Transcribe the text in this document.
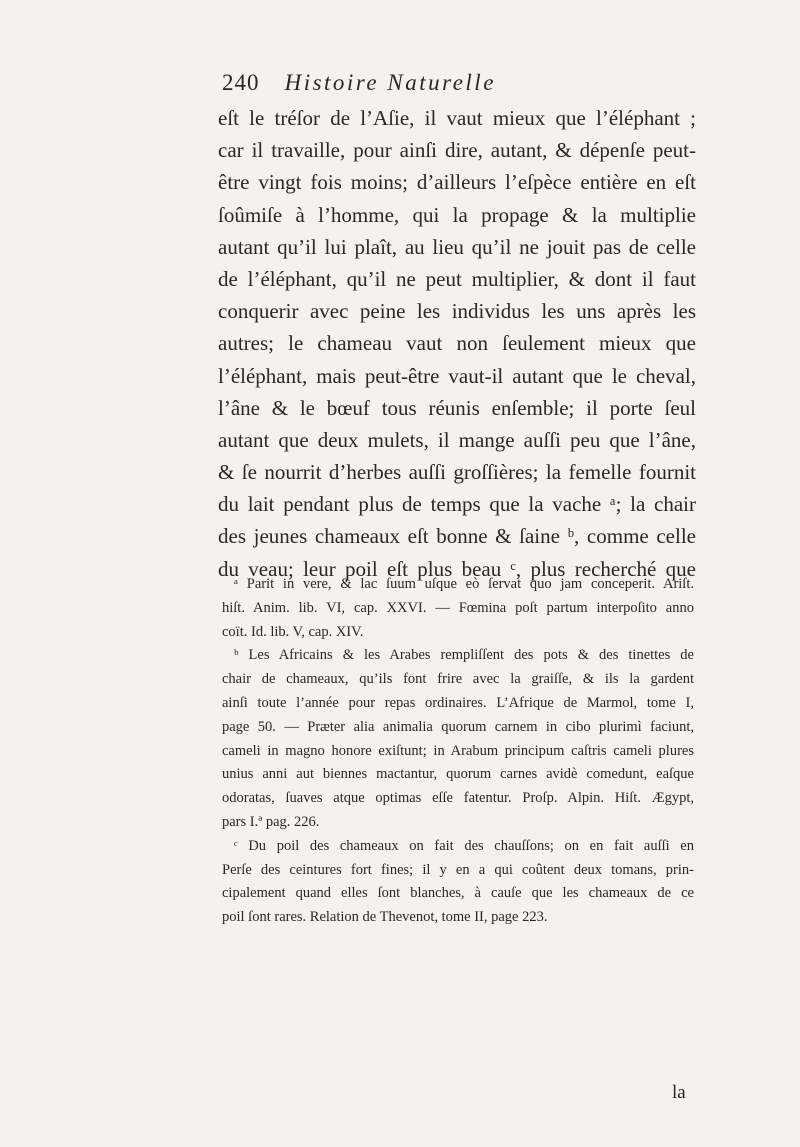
240 Histoire Naturelle
eſt le tréſor de l’Aſie, il vaut mieux que l’éléphant ;
car il travaille, pour ainſi dire, autant, & dépenſe peut-
être vingt fois moins; d’ailleurs l’eſpèce entière en eſt
ſoûmiſe à l’homme, qui la propage & la multiplie
autant qu’il lui plaît, au lieu qu’il ne jouit pas de celle
de l’éléphant, qu’il ne peut multiplier, & dont il faut
conquerir avec peine les individus les uns après les
autres; le chameau vaut non ſeulement mieux que
l’éléphant, mais peut-être vaut-il autant que le cheval,
l’âne & le bœuf tous réunis enſemble; il porte ſeul
autant que deux mulets, il mange auſſi peu que l’âne,
& ſe nourrit d’herbes auſſi groſſières; la femelle fournit
du lait pendant plus de temps que la vache ᵃ; la chair
des jeunes chameaux eſt bonne & ſaine ᵇ, comme celle
du veau; leur poil eſt plus beau ᶜ, plus recherché que
ᵃ Parit in vere, & lac ſuum uſque eò ſervat quo jam conceperit. Ariſt.
hiſt. Anim. lib. VI, cap. XXVI. — Fœmina poſt partum interpoſito anno
coït. Id. lib. V, cap. XIV.
ᵇ Les Africains & les Arabes rempliſſent des pots & des tinettes de
chair de chameaux, qu’ils font frire avec la graiſſe, & ils la gardent
ainſi toute l’année pour repas ordinaires. L’Afrique de Marmol, tome I,
page 50. — Præter alia animalia quorum carnem in cibo plurimì faciunt,
cameli in magno honore exiſtunt; in Arabum principum caſtris cameli plures
unius anni aut biennes mactantur, quorum carnes avidè comedunt, eaſque
odoratas, ſuaves atque optimas eſſe fatentur. Proſp. Alpin. Hiſt. Ægypt,
pars I.ª pag. 226.
ᶜ Du poil des chameaux on fait des chauſſons; on en fait auſſi en
Perſe des ceintures fort fines; il y en a qui coûtent deux tomans, prin-
cipalement quand elles ſont blanches, à cauſe que les chameaux de ce
poil ſont rares. Relation de Thevenot, tome II, page 223.
la
